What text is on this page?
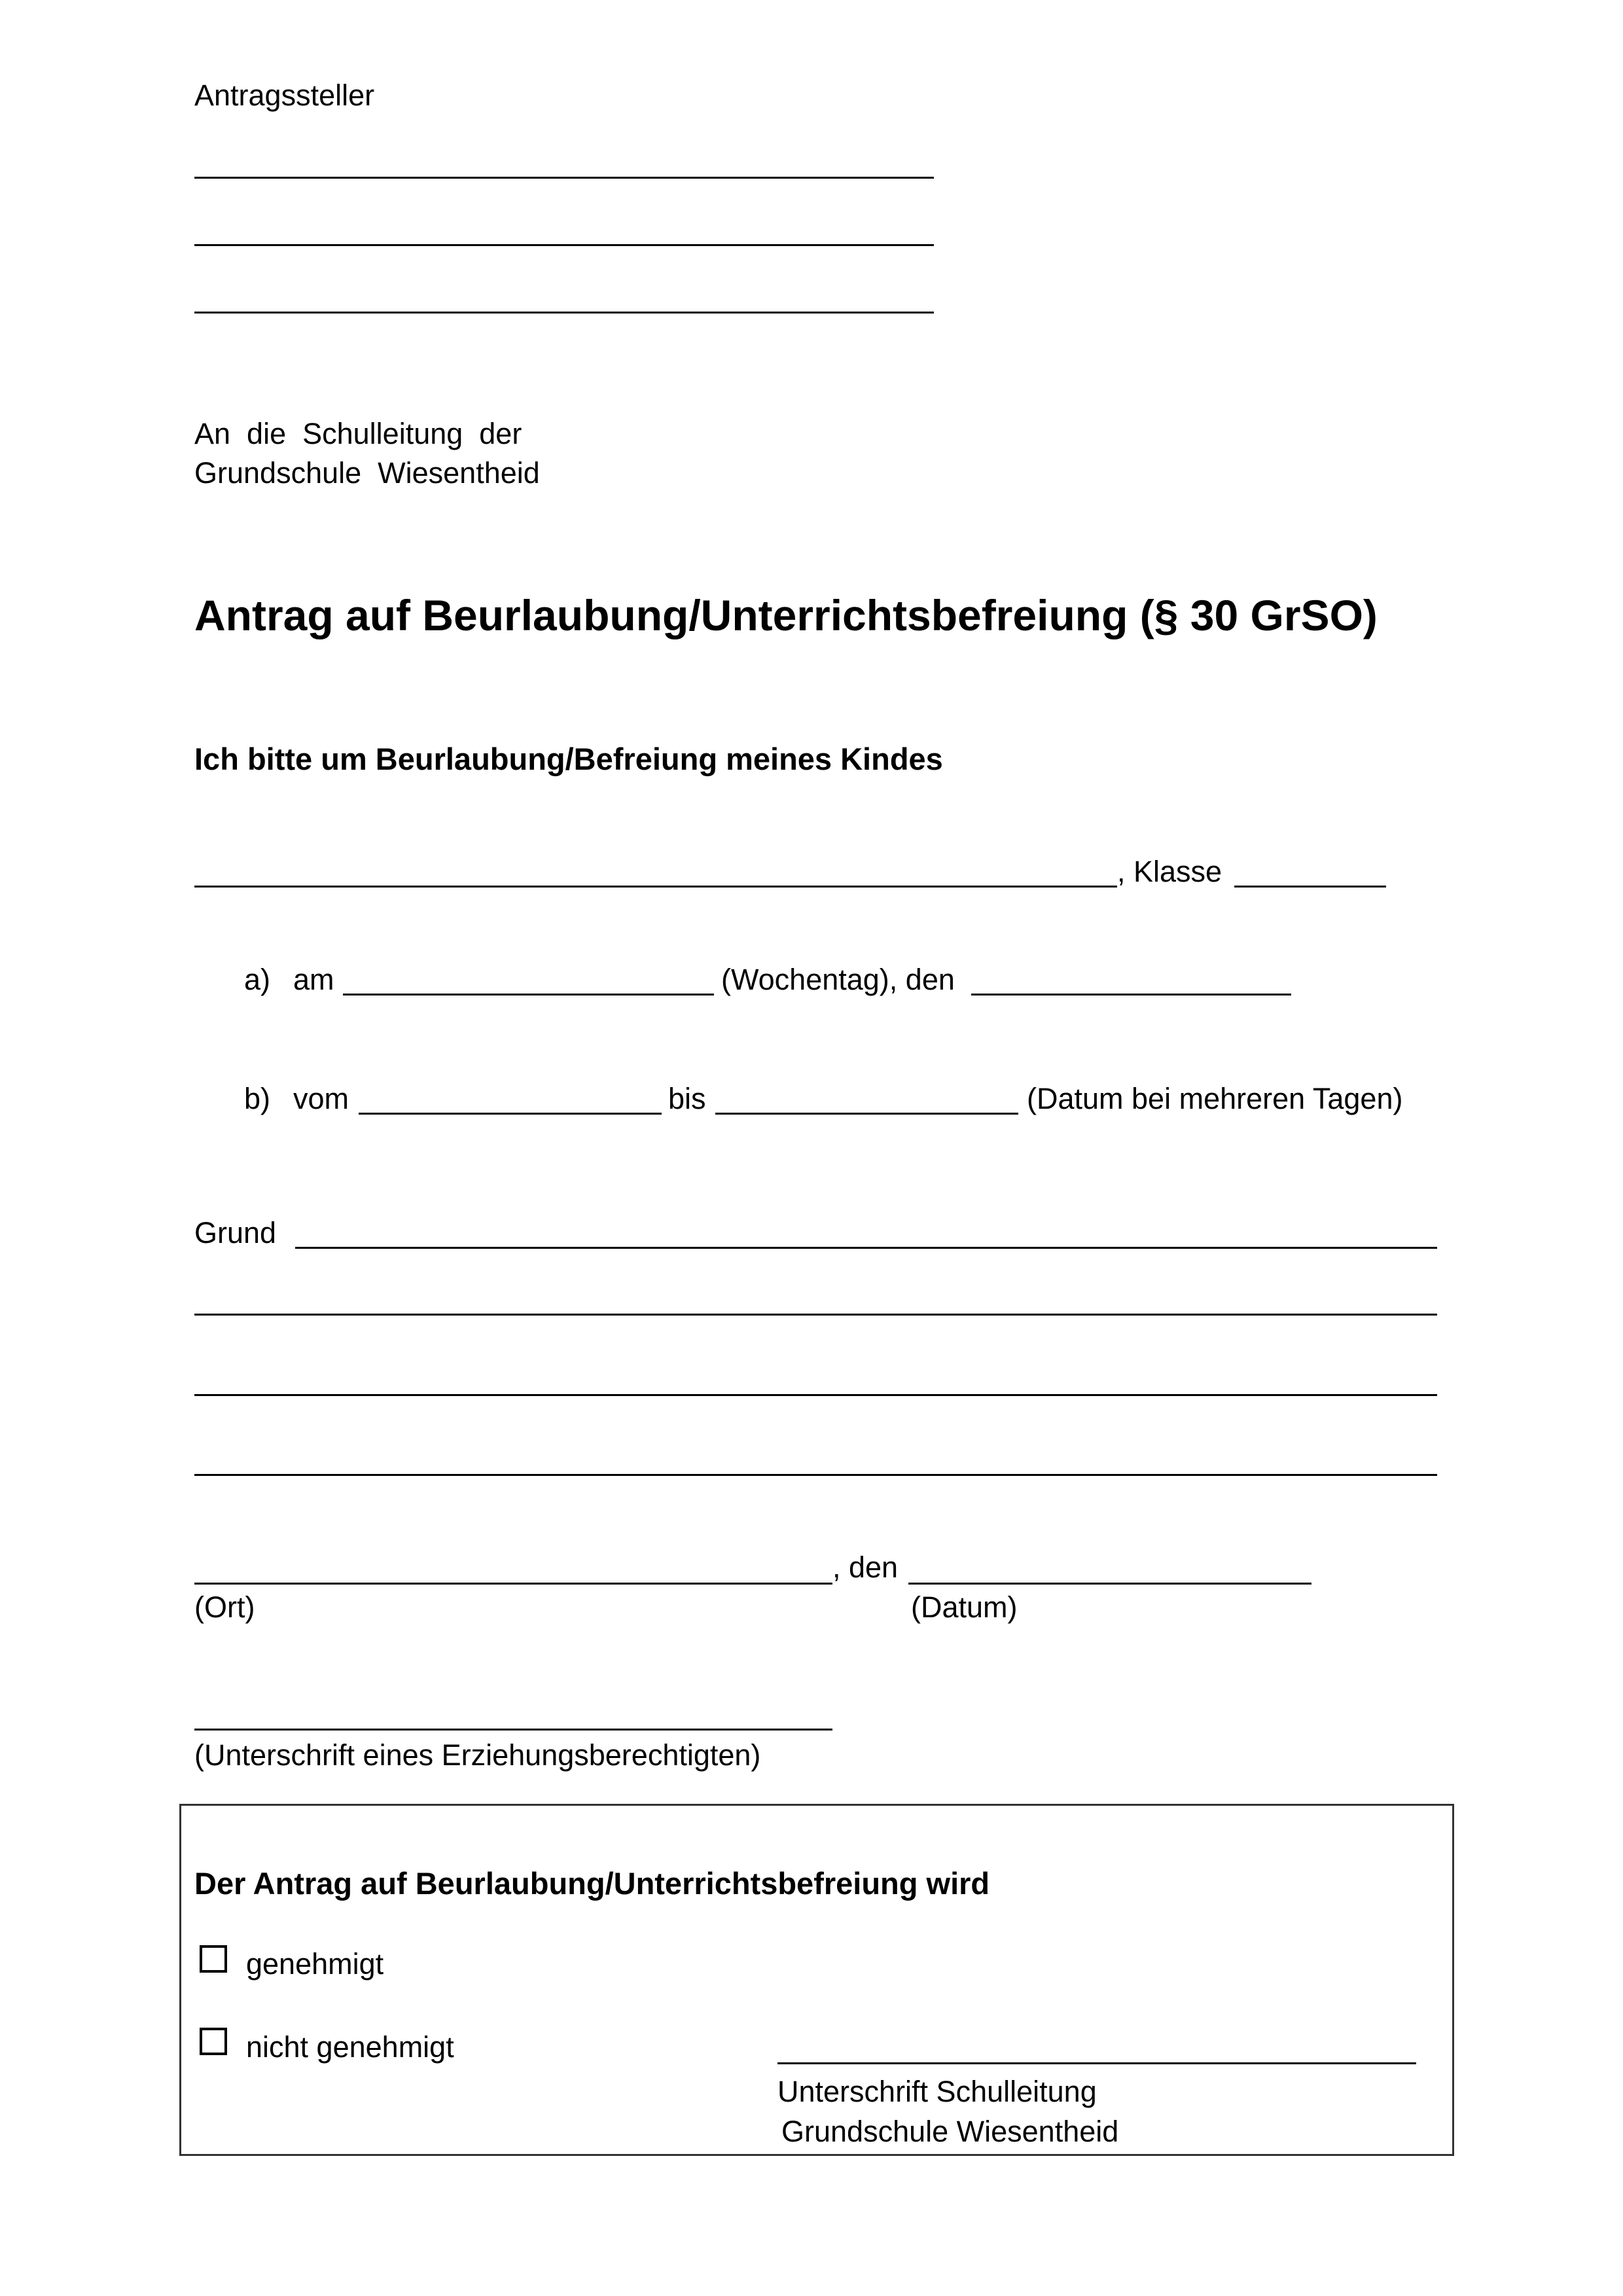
Antragssteller
An  die  Schulleitung  der
Grundschule  Wiesentheid
Antrag auf Beurlaubung/Unterrichtsbefreiung (§ 30 GrSO)
Ich bitte um Beurlaubung/Befreiung meines Kindes
, Klasse
a) am	(Wochentag), den
b) vom	bis	(Datum bei mehreren Tagen)
Grund
, den
(Ort)	(Datum)
(Unterschrift eines Erziehungsberechtigten)
Der Antrag auf Beurlaubung/Unterrichtsbefreiung wird
genehmigt
nicht genehmigt
Unterschrift Schulleitung
Grundschule Wiesentheid
